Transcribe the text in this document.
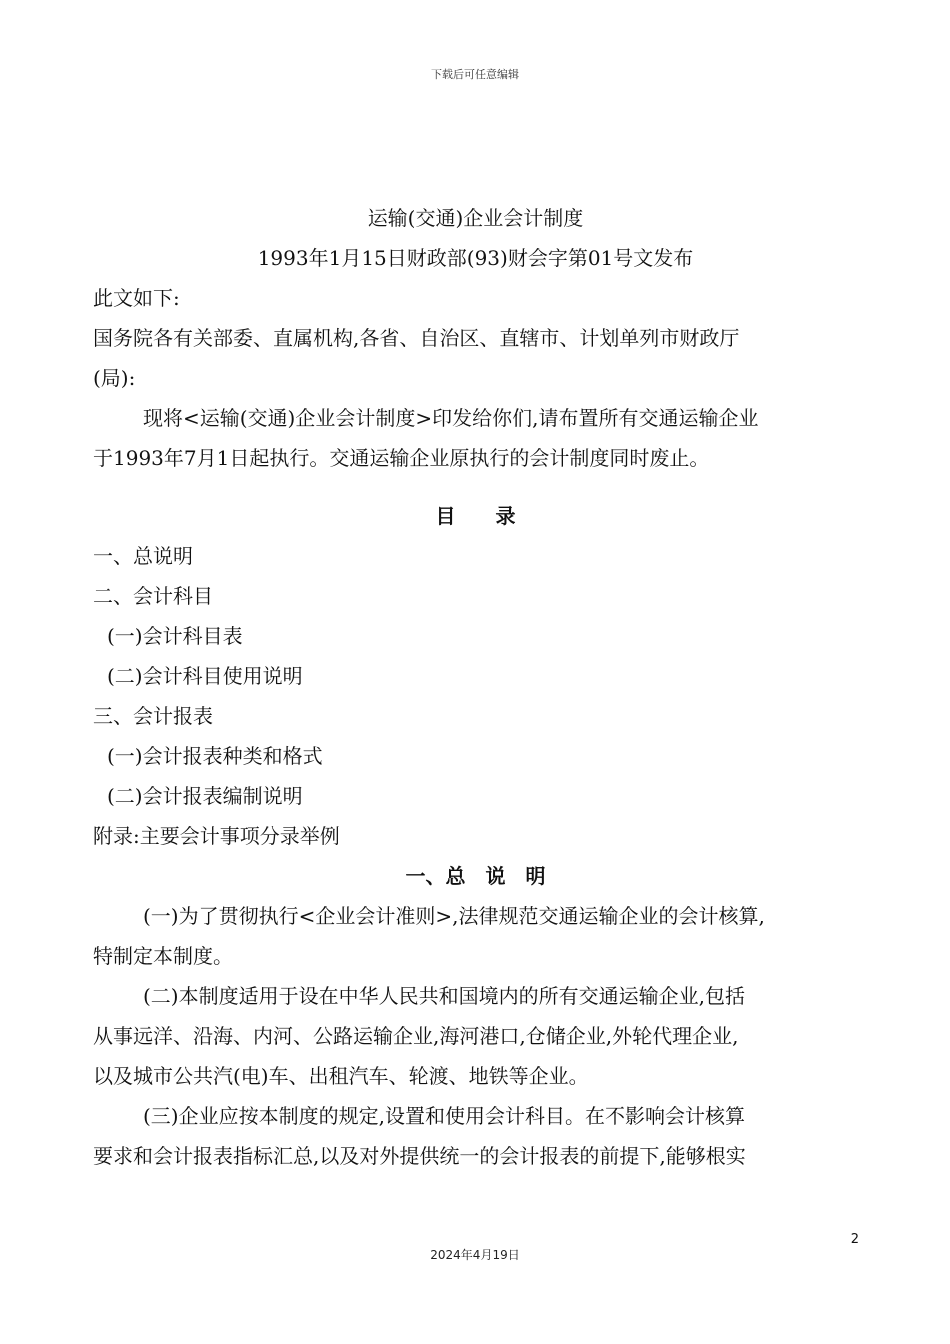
下载后可任意编辑
运输(交通)企业会计制度
1993年1月15日财政部(93)财会字第01号文发布
此文如下:
国务院各有关部委、直属机构,各省、自治区、直辖市、计划单列市财政厅
(局):
现将<运输(交通)企业会计制度>印发给你们,请布置所有交通运输企业
于1993年7月1日起执行。交通运输企业原执行的会计制度同时废止。
目　　录
一、总说明
二、会计科目
(一)会计科目表
(二)会计科目使用说明
三、会计报表
(一)会计报表种类和格式
(二)会计报表编制说明
附录:主要会计事项分录举例
一、总　说　明
(一)为了贯彻执行<企业会计准则>,法律规范交通运输企业的会计核算,
特制定本制度。
(二)本制度适用于设在中华人民共和国境内的所有交通运输企业,包括
从事远洋、沿海、内河、公路运输企业,海河港口,仓储企业,外轮代理企业,
以及城市公共汽(电)车、出租汽车、轮渡、地铁等企业。
(三)企业应按本制度的规定,设置和使用会计科目。在不影响会计核算
要求和会计报表指标汇总,以及对外提供统一的会计报表的前提下,能够根实
2
2024年4月19日
